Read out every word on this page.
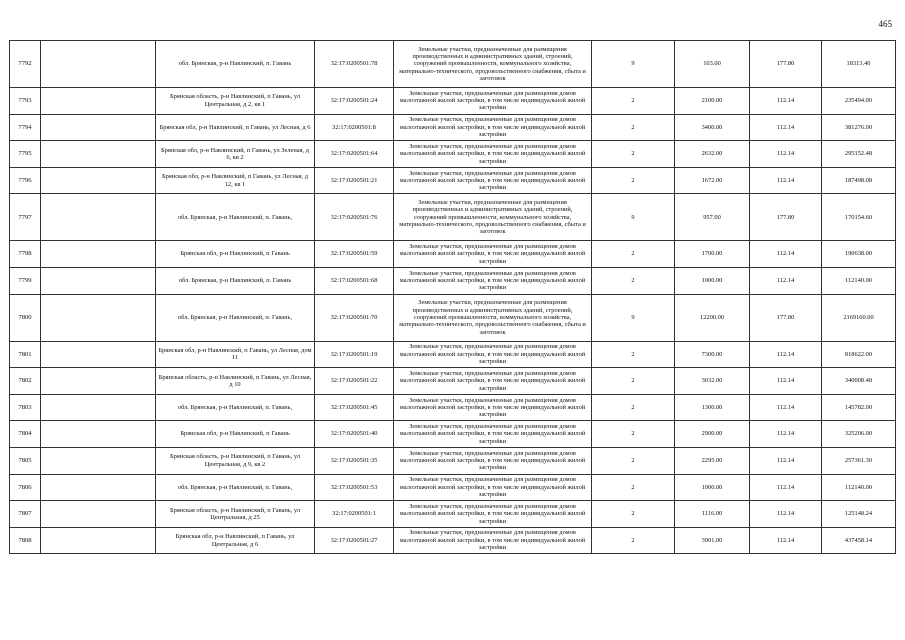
465
7792		обл. Брянская, р-н Навлинский, п. Гавань	32:17:0200501:78	Земельные участки, предназначенные для размещения производственных и административных зданий, строений, сооружений промышленности, коммунального хозяйства, материально-технического, продовольственного снабжения, сбыта и заготовок	9	103.00	177.80	18313.40
7793		Брянская область, р-н Навлинский, п Гавань, ул Центральная, д 2, кв 1	32:17:0200501:24	Земельные участки, предназначенные для размещения домов малоэтажной жилой застройки, в том числе индивидуальной жилой застройки	2	2100.00	112.14	235494.00
7794		Брянская обл, р-н Навлинский, п Гавань, ул Лесная, д 6	32:17:0200501:8	Земельные участки, предназначенные для размещения домов малоэтажной жилой застройки, в том числе индивидуальной жилой застройки	2	3400.00	112.14	381276.00
7795		Брянская обл, р-н Навлинский, п Гавань, ул Зеленая, д 6, кв 2	32:17:0200501:64	Земельные участки, предназначенные для размещения домов малоэтажной жилой застройки, в том числе индивидуальной жилой застройки	2	2632.00	112.14	295152.48
7796		Брянская обл, р-н Навлинский, п Гавань, ул Лесная, д 12, кв 1	32:17:0200501:21	Земельные участки, предназначенные для размещения домов малоэтажной жилой застройки, в том числе индивидуальной жилой застройки	2	1672.00	112.14	187498.08
7797		обл. Брянская, р-н Навлинский, п. Гавань,	32:17:0200501:76	Земельные участки, предназначенные для размещения производственных и административных зданий, строений, сооружений промышленности, коммунального хозяйства, материально-технического, продовольственного снабжения, сбыта и заготовок	9	957.00	177.80	170154.60
7798		Брянская обл, р-н Навлинский, п Гавань	32:17:0200501:59	Земельные участки, предназначенные для размещения домов малоэтажной жилой застройки, в том числе индивидуальной жилой застройки	2	1700.00	112.14	190638.00
7799		обл. Брянская, р-н Навлинский, п. Гавань	32:17:0200501:68	Земельные участки, предназначенные для размещения домов малоэтажной жилой застройки, в том числе индивидуальной жилой застройки	2	1000.00	112.14	112140.00
7800		обл. Брянская, р-н Навлинский, п. Гавань,	32:17:0200501:70	Земельные участки, предназначенные для размещения производственных и административных зданий, строений, сооружений промышленности, коммунального хозяйства, материально-технического, продовольственного снабжения, сбыта и заготовок	9	12200.00	177.80	2169160.00
7801		Брянская обл, р-н Навлинский, п Гавань, ул Лесная, дом 11	32:17:0200501:19	Земельные участки, предназначенные для размещения домов малоэтажной жилой застройки, в том числе индивидуальной жилой застройки	2	7300.00	112.14	818622.00
7802		Брянская область, р-н Навлинский, п Гавань, ул Лесная, д 10	32:17:0200501:22	Земельные участки, предназначенные для размещения домов малоэтажной жилой застройки, в том числе индивидуальной жилой застройки	2	3032.00	112.14	340008.48
7803		обл. Брянская, р-н Навлинский, п. Гавань,	32:17:0200501:45	Земельные участки, предназначенные для размещения домов малоэтажной жилой застройки, в том числе индивидуальной жилой застройки	2	1300.00	112.14	145782.00
7804		Брянская обл, р-н Навлинский, п Гавань	32:17:0200501:40	Земельные участки, предназначенные для размещения домов малоэтажной жилой застройки, в том числе индивидуальной жилой застройки	2	2900.00	112.14	325206.00
7805		Брянская область, р-н Навлинский, п Гавань, ул Центральная, д 9, кв 2	32:17:0200501:35	Земельные участки, предназначенные для размещения домов малоэтажной жилой застройки, в том числе индивидуальной жилой застройки	2	2295.00	112.14	257361.30
7806		обл. Брянская, р-н Навлинский, п. Гавань,	32:17:0200501:53	Земельные участки, предназначенные для размещения домов малоэтажной жилой застройки, в том числе индивидуальной жилой застройки	2	1000.00	112.14	112140.00
7807		Брянская область, р-н Навлинский, п Гавань, ул Центральная, д 25	32:17:0200501:1	Земельные участки, предназначенные для размещения домов малоэтажной жилой застройки, в том числе индивидуальной жилой застройки	2	1116.00	112.14	125148.24
7808		Брянская обл, р-н Навлинский, п Гавань, ул Центральная, д 6	32:17:0200501:27	Земельные участки, предназначенные для размещения домов малоэтажной жилой застройки, в том числе индивидуальной жилой застройки	2	3901.00	112.14	437458.14
